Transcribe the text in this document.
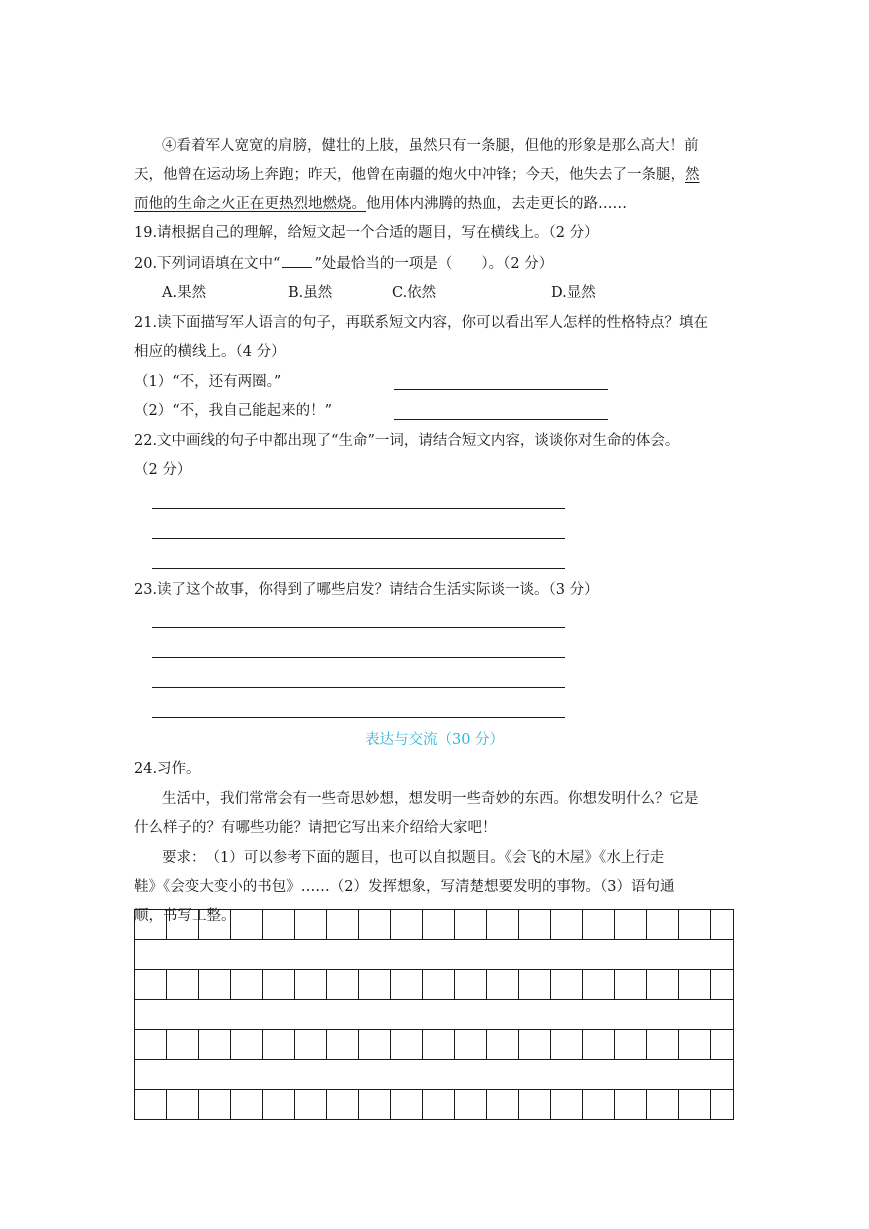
④看着军人宽宽的肩膀，健壮的上肢，虽然只有一条腿，但他的形象是那么高大！前
天，他曾在运动场上奔跑；昨天，他曾在南疆的炮火中冲锋；今天，他失去了一条腿，然
而他的生命之火正在更热烈地燃烧。他用体内沸腾的热血，去走更长的路……
19.请根据自己的理解，给短文起一个合适的题目，写在横线上。（2 分）
20.下列词语填在文中“ ”处最恰当的一项是（　　）。（2 分）
A.果然	B.虽然	C.依然	D.显然
21.读下面描写军人语言的句子，再联系短文内容，你可以看出军人怎样的性格特点？填在
相应的横线上。（4 分）
（1）“不，还有两圈。”
（2）“不，我自己能起来的！”
22.文中画线的句子中都出现了“生命”一词，请结合短文内容，谈谈你对生命的体会。
（2 分）
23.读了这个故事，你得到了哪些启发？请结合生活实际谈一谈。（3 分）
表达与交流（30 分）
24.习作。
生活中，我们常常会有一些奇思妙想，想发明一些奇妙的东西。你想发明什么？它是
什么样子的？有哪些功能？请把它写出来介绍给大家吧！
要求：　（1）可以参考下面的题目，也可以自拟题目。《会飞的木屋》《水上行走
鞋》《会变大变小的书包》……（2）发挥想象，写清楚想要发明的事物。（3）语句通
顺，书写工整。
